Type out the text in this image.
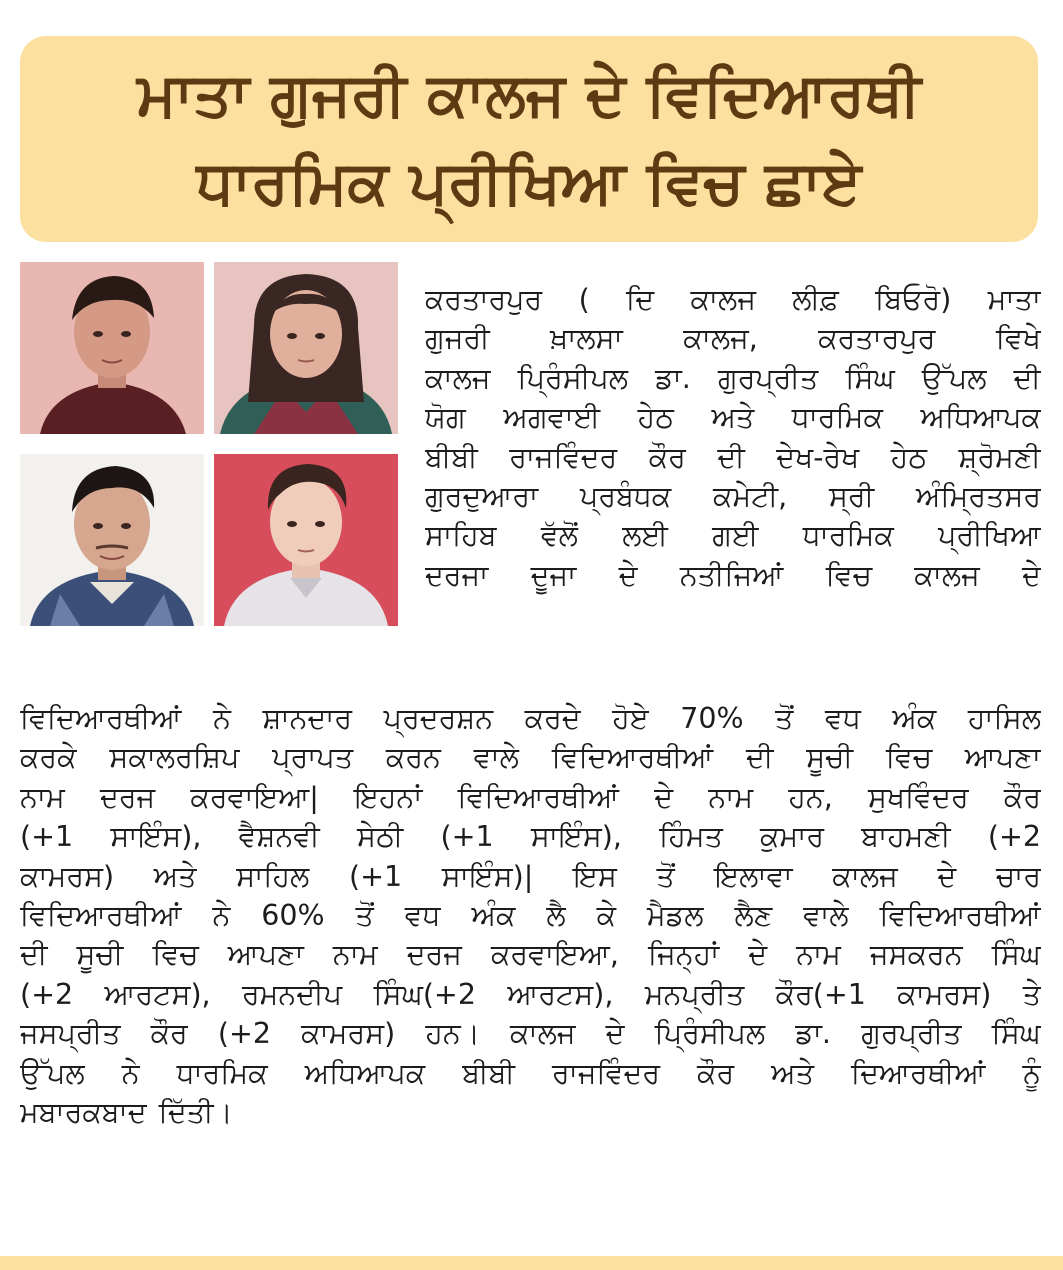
ਮਾਤਾ ਗੁਜਰੀ ਕਾਲਜ ਦੇ ਵਿਦਿਆਰਥੀ
ਧਾਰਮਿਕ ਪ੍ਰੀਖਿਆ ਵਿਚ ਛਾਏ
ਕਰਤਾਰਪੁਰ ( ਦਿ ਕਾਲਜ ਲੀਫ਼ ਬਿਓਰੋ) ਮਾਤਾ
ਗੁਜਰੀ ਖ਼ਾਲਸਾ ਕਾਲਜ, ਕਰਤਾਰਪੁਰ ਵਿਖੇ
ਕਾਲਜ ਪ੍ਰਿੰਸੀਪਲ ਡਾ. ਗੁਰਪ੍ਰੀਤ ਸਿੰਘ ਉੱਪਲ ਦੀ
ਯੋਗ ਅਗਵਾਈ ਹੇਠ ਅਤੇ ਧਾਰਮਿਕ ਅਧਿਆਪਕ
ਬੀਬੀ ਰਾਜਵਿੰਦਰ ਕੌਰ ਦੀ ਦੇਖ-ਰੇਖ ਹੇਠ ਸ਼੍ਰੋਮਣੀ
ਗੁਰਦੁਆਰਾ ਪ੍ਰਬੰਧਕ ਕਮੇਟੀ, ਸ੍ਰੀ ਅੰਮ੍ਰਿਤਸਰ
ਸਾਹਿਬ ਵੱਲੋਂ ਲਈ ਗਈ ਧਾਰਮਿਕ ਪ੍ਰੀਖਿਆ
ਦਰਜਾ ਦੂਜਾ ਦੇ ਨਤੀਜਿਆਂ ਵਿਚ ਕਾਲਜ ਦੇ
ਵਿਦਿਆਰਥੀਆਂ ਨੇ ਸ਼ਾਨਦਾਰ ਪ੍ਰਦਰਸ਼ਨ ਕਰਦੇ ਹੋਏ 70% ਤੋਂ ਵਧ ਅੰਕ ਹਾਸਿਲ
ਕਰਕੇ ਸਕਾਲਰਸ਼ਿਪ ਪ੍ਰਾਪਤ ਕਰਨ ਵਾਲੇ ਵਿਦਿਆਰਥੀਆਂ ਦੀ ਸੂਚੀ ਵਿਚ ਆਪਣਾ
ਨਾਮ ਦਰਜ ਕਰਵਾਇਆ| ਇਹਨਾਂ ਵਿਦਿਆਰਥੀਆਂ ਦੇ ਨਾਮ ਹਨ, ਸੁਖਵਿੰਦਰ ਕੌਰ
(+1 ਸਾਇੰਸ), ਵੈਸ਼ਨਵੀ ਸੇਠੀ (+1 ਸਾਇੰਸ), ਹਿੰਮਤ ਕੁਮਾਰ ਬਾਹਮਣੀ (+2
ਕਾਮਰਸ) ਅਤੇ ਸਾਹਿਲ (+1 ਸਾਇੰਸ)| ਇਸ ਤੋਂ ਇਲਾਵਾ ਕਾਲਜ ਦੇ ਚਾਰ
ਵਿਦਿਆਰਥੀਆਂ ਨੇ 60% ਤੋਂ ਵਧ ਅੰਕ ਲੈ ਕੇ ਮੈਡਲ ਲੈਣ ਵਾਲੇ ਵਿਦਿਆਰਥੀਆਂ
ਦੀ ਸੂਚੀ ਵਿਚ ਆਪਣਾ ਨਾਮ ਦਰਜ ਕਰਵਾਇਆ, ਜਿਨ੍ਹਾਂ ਦੇ ਨਾਮ ਜਸਕਰਨ ਸਿੰਘ
(+2 ਆਰਟਸ), ਰਮਨਦੀਪ ਸਿੰਘ(+2 ਆਰਟਸ), ਮਨਪ੍ਰੀਤ ਕੌਰ(+1 ਕਾਮਰਸ) ਤੇ
ਜਸਪ੍ਰੀਤ ਕੌਰ (+2 ਕਾਮਰਸ) ਹਨ। ਕਾਲਜ ਦੇ ਪ੍ਰਿੰਸੀਪਲ ਡਾ. ਗੁਰਪ੍ਰੀਤ ਸਿੰਘ
ਉੱਪਲ ਨੇ ਧਾਰਮਿਕ ਅਧਿਆਪਕ ਬੀਬੀ ਰਾਜਵਿੰਦਰ ਕੌਰ ਅਤੇ ਦਿਆਰਥੀਆਂ ਨੂੰ
ਮਬਾਰਕਬਾਦ ਦਿੱਤੀ।
